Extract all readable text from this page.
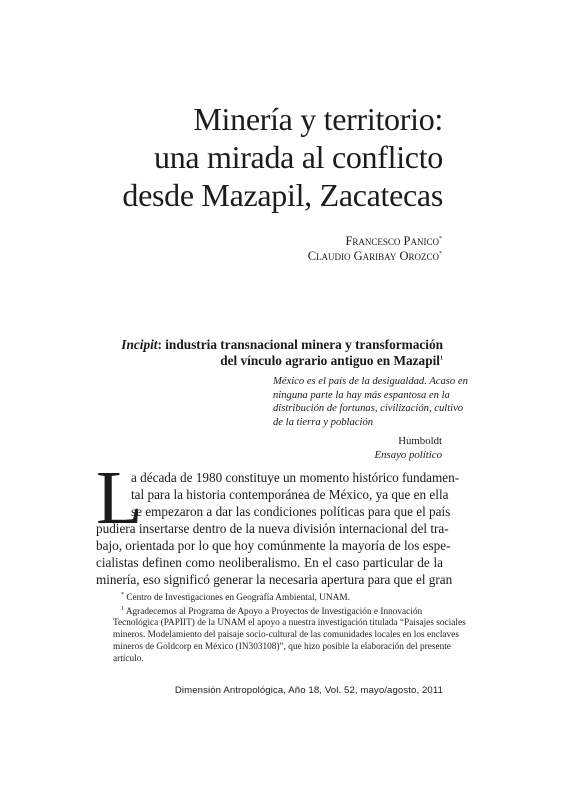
Minería y territorio:
una mirada al conflicto
desde Mazapil, Zacatecas
Francesco Panico*
Claudio Garibay Orozco*
Incipit: industria transnacional minera y transformación
del vínculo agrario antiguo en Mazapil$^1$
México es el país de la desigualdad. Acaso en
ninguna parte la hay más espantosa en la
distribución de fortunas, civilización, cultivo
de la tierra y población
Humboldt
Ensayo político
L
a década de 1980 constituye un momento histórico fundamen-
tal para la historia contemporánea de México, ya que en ella
se empezaron a dar las condiciones políticas para que el país
pudiera insertarse dentro de la nueva división internacional del tra-
bajo, orientada por lo que hoy comúnmente la mayoría de los espe-
cialistas definen como neoliberalismo. En el caso particular de la
minería, eso significó generar la necesaria apertura para que el gran
* Centro de Investigaciones en Geografía Ambiental, UNAM.
$^1$ Agradecemos al Programa de Apoyo a Proyectos de Investigación e Innovación
Tecnológica (PAPIIT) de la UNAM el apoyo a nuestra investigación titulada “Paisajes sociales
mineros. Modelamiento del paisaje socio-cultural de las comunidades locales en los enclaves
mineros de Goldcorp en México (IN303108)”, que hizo posible la elaboración del presente
artículo.
Dimensión Antropológica, Año 18, Vol. 52, mayo/agosto, 2011
